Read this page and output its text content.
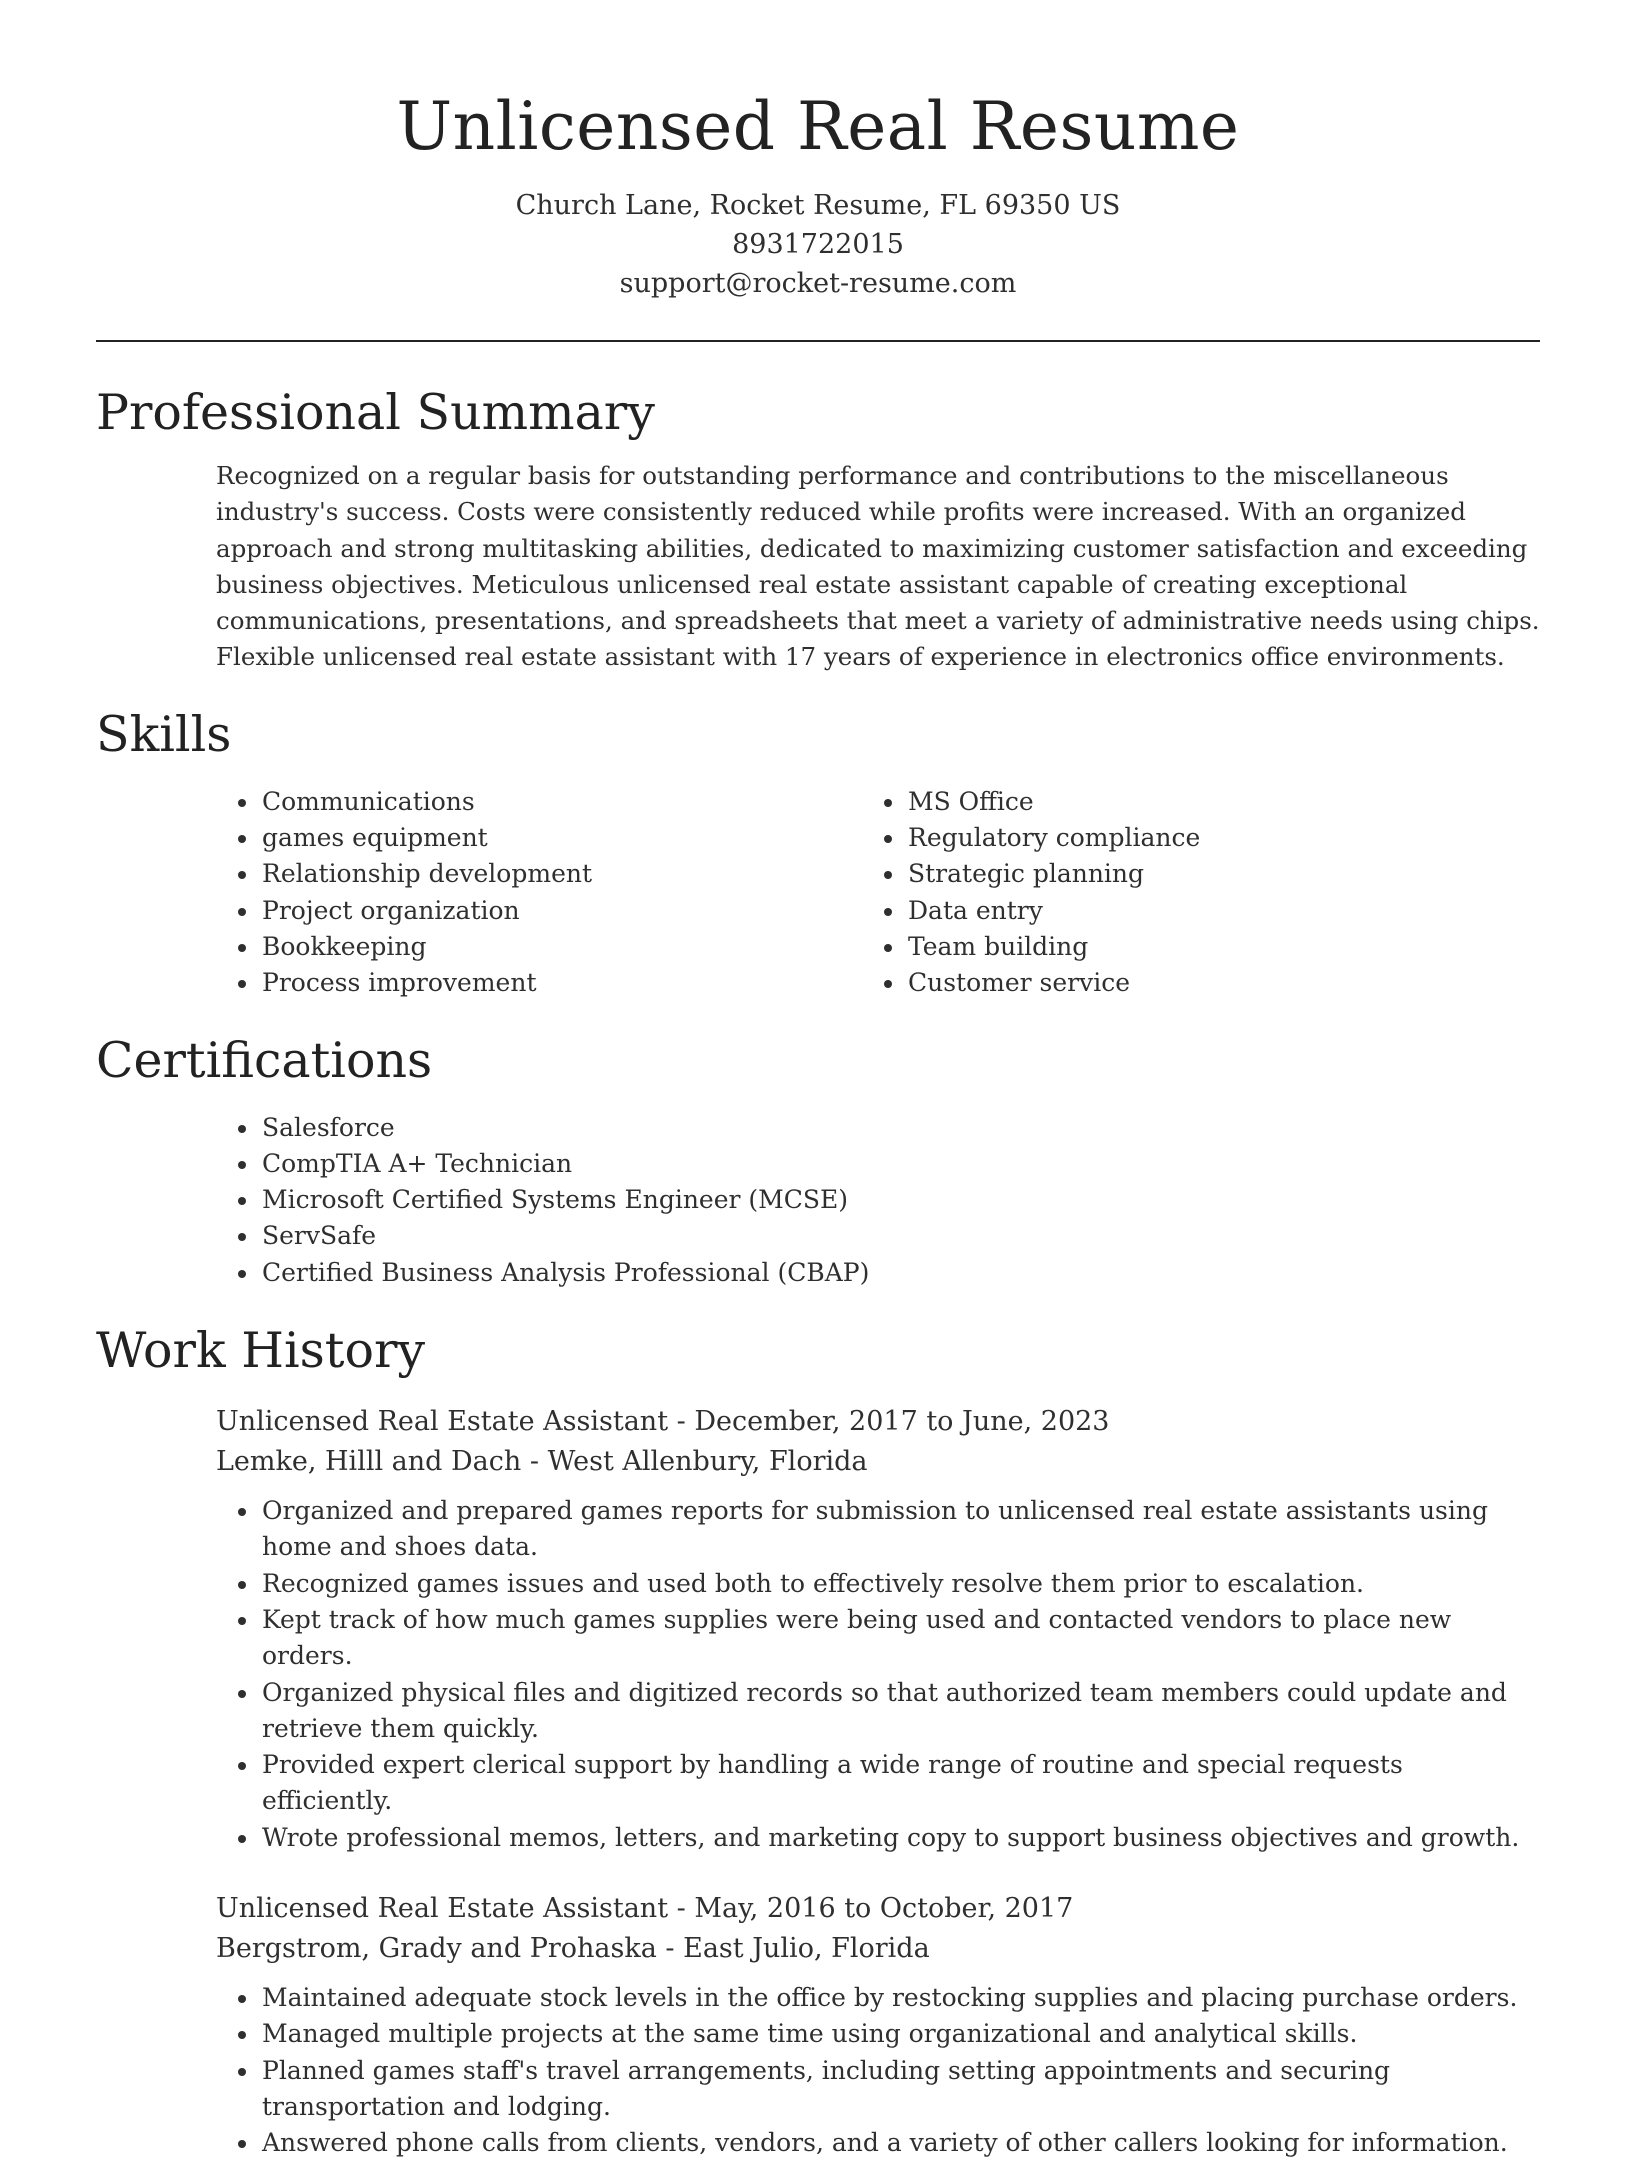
Unlicensed Real Resume
Church Lane, Rocket Resume, FL 69350 US
8931722015
support@rocket-resume.com
Professional Summary

Recognized on a regular basis for outstanding performance and contributions to the miscellaneous industry's success. Costs were consistently reduced while profits were increased. With an organized approach and strong multitasking abilities, dedicated to maximizing customer satisfaction and exceeding business objectives. Meticulous unlicensed real estate assistant capable of creating exceptional communications, presentations, and spreadsheets that meet a variety of administrative needs using chips. Flexible unlicensed real estate assistant with 17 years of experience in electronics office environments.

Skills
• Communications
• games equipment
• Relationship development
• Project organization
• Bookkeeping
• Process improvement
• MS Office
• Regulatory compliance
• Strategic planning
• Data entry
• Team building
• Customer service
Certifications
• Salesforce
• CompTIA A+ Technician
• Microsoft Certified Systems Engineer (MCSE)
• ServSafe
• Certified Business Analysis Professional (CBAP)
Work History
Unlicensed Real Estate Assistant - December, 2017 to June, 2023
Lemke, Hilll and Dach - West Allenbury, Florida
• Organized and prepared games reports for submission to unlicensed real estate assistants using home and shoes data.
• Recognized games issues and used both to effectively resolve them prior to escalation.
• Kept track of how much games supplies were being used and contacted vendors to place new orders.
• Organized physical files and digitized records so that authorized team members could update and retrieve them quickly.
• Provided expert clerical support by handling a wide range of routine and special requests efficiently.
• Wrote professional memos, letters, and marketing copy to support business objectives and growth.
Unlicensed Real Estate Assistant - May, 2016 to October, 2017
Bergstrom, Grady and Prohaska - East Julio, Florida
• Maintained adequate stock levels in the office by restocking supplies and placing purchase orders.
• Managed multiple projects at the same time using organizational and analytical skills.
• Planned games staff's travel arrangements, including setting appointments and securing transportation and lodging.
• Answered phone calls from clients, vendors, and a variety of other callers looking for information.
